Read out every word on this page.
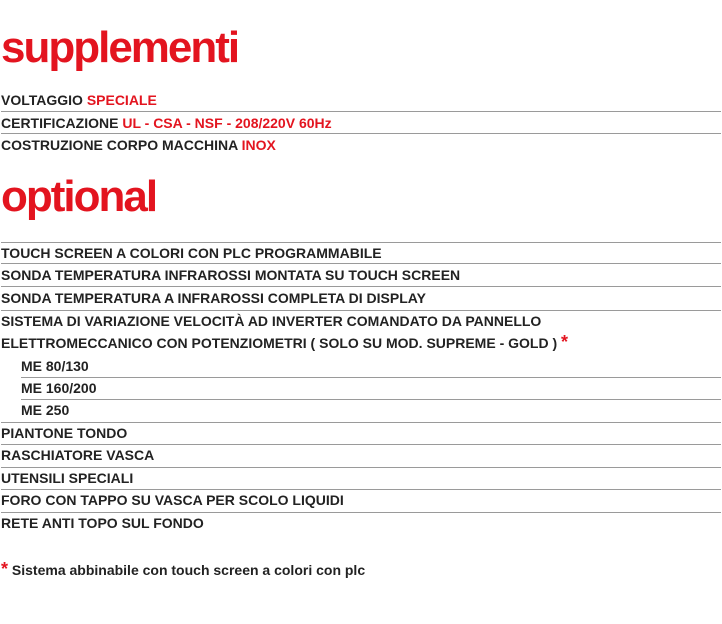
supplementi
VOLTAGGIO SPECIALE
CERTIFICAZIONE UL - CSA - NSF - 208/220V 60Hz
COSTRUZIONE CORPO MACCHINA INOX
optional
TOUCH SCREEN A COLORI CON PLC PROGRAMMABILE
SONDA TEMPERATURA INFRAROSSI MONTATA SU TOUCH SCREEN
SONDA TEMPERATURA A INFRAROSSI COMPLETA DI DISPLAY
SISTEMA DI VARIAZIONE VELOCITÀ AD INVERTER COMANDATO DA PANNELLO
ELETTROMECCANICO CON POTENZIOMETRI ( SOLO SU MOD. SUPREME - GOLD ) *
ME 80/130
ME 160/200
ME 250
PIANTONE TONDO
RASCHIATORE VASCA
UTENSILI SPECIALI
FORO CON TAPPO SU VASCA PER SCOLO LIQUIDI
RETE ANTI TOPO SUL FONDO
* Sistema abbinabile con touch screen a colori con plc
